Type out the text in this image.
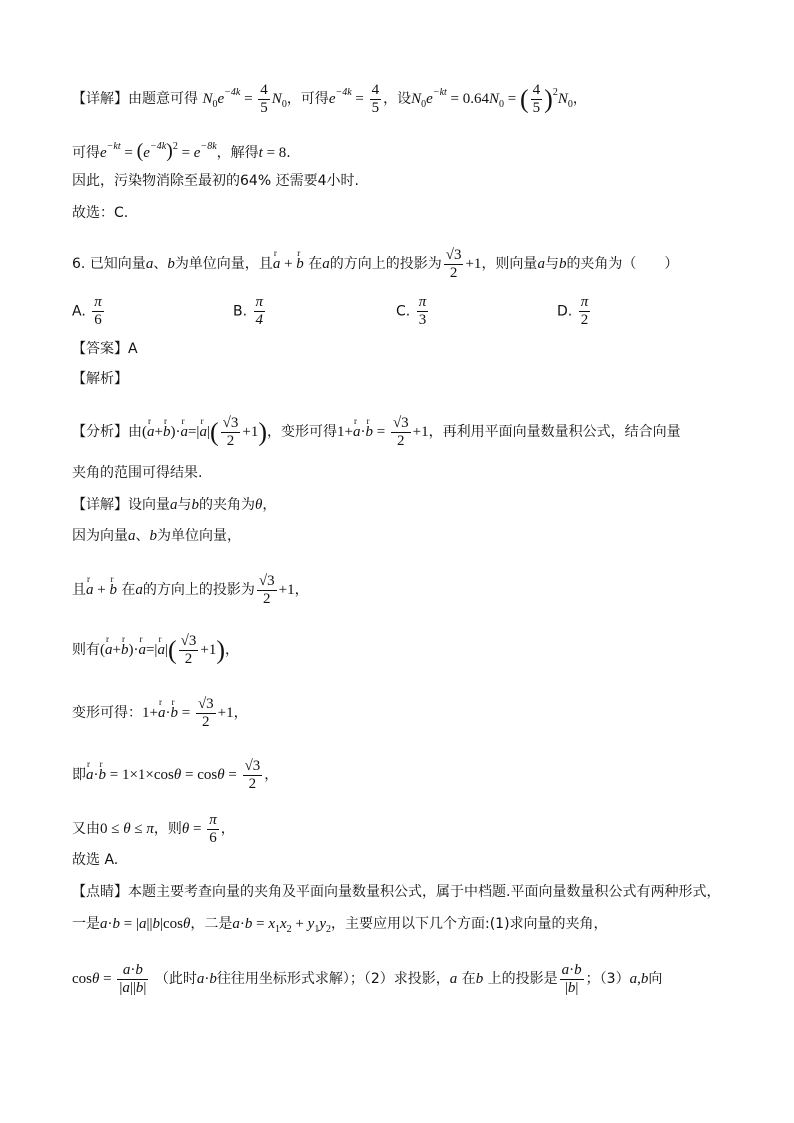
【详解】由题意可得 $N_0e^{-4k} = \frac{4}{5} N_0$，可得$e^{-4k} = \frac{4}{5}$ ，设$N_0e^{-kt} = 0.64N_0$ = ( $\frac{4}{5} )^2N_0$，
可得$e^{-kt} = (e^{-4k})^2 = e^{-8k}$，解得t = 8.
因此，污染物消除至最初的64% 还需要4小时.
故选：C.
6. 已知向量a、b为单位向量，且r a + r b 在a的方向上的投影为 $\frac{√3}{2} +1$，则向量a与b的夹角为（　　）
A. $\frac{\pi}{6}$	B. $\frac{\pi}{4}$	C. $\frac{\pi}{3}$	D. $\frac{\pi}{2}$
【答案】A
【解析】
【分析】由(r a+r b)·r a=|r $a|( \frac{√3}{2} +1)$，变形可得1+r a·r $b = \frac{√3}{2} +1$，再利用平面向量数量积公式，结合向量
夹角的范围可得结果.
【详解】设向量a与b的夹角为θ，
因为向量a、b为单位向量，
且r a + r b 在a的方向上的投影为 $\frac{√3}{2} +1$，
则有(r a+r b)·r a=|r $a|( \frac{√3}{2} +1)$，
变形可得：1+r a·r $b = \frac{√3}{2} +1$，
即r a·r $b = 1\times 1\times\cos\theta = \cos\theta = \frac{√3}{2}$ ，
又由0 ≤ θ ≤ π，则$\theta = \frac{\pi}{6}$ ，
故选 A.
【点睛】本题主要考查向量的夹角及平面向量数量积公式，属于中档题.平面向量数量积公式有两种形式，
一是a·b = |a||b|cosθ，二是$a\cdot b = x_1x_2 + y_1y_2$，主要应用以下几个方面:(1)求向量的夹角，
$\cos\theta = \frac{a\cdot b}{|a||b|}$ （此时a·b往往用坐标形式求解）；（2）求投影，a 在b 上的投影是 $\frac{a\cdot b}{|b|}$ ；（3）a,b向
